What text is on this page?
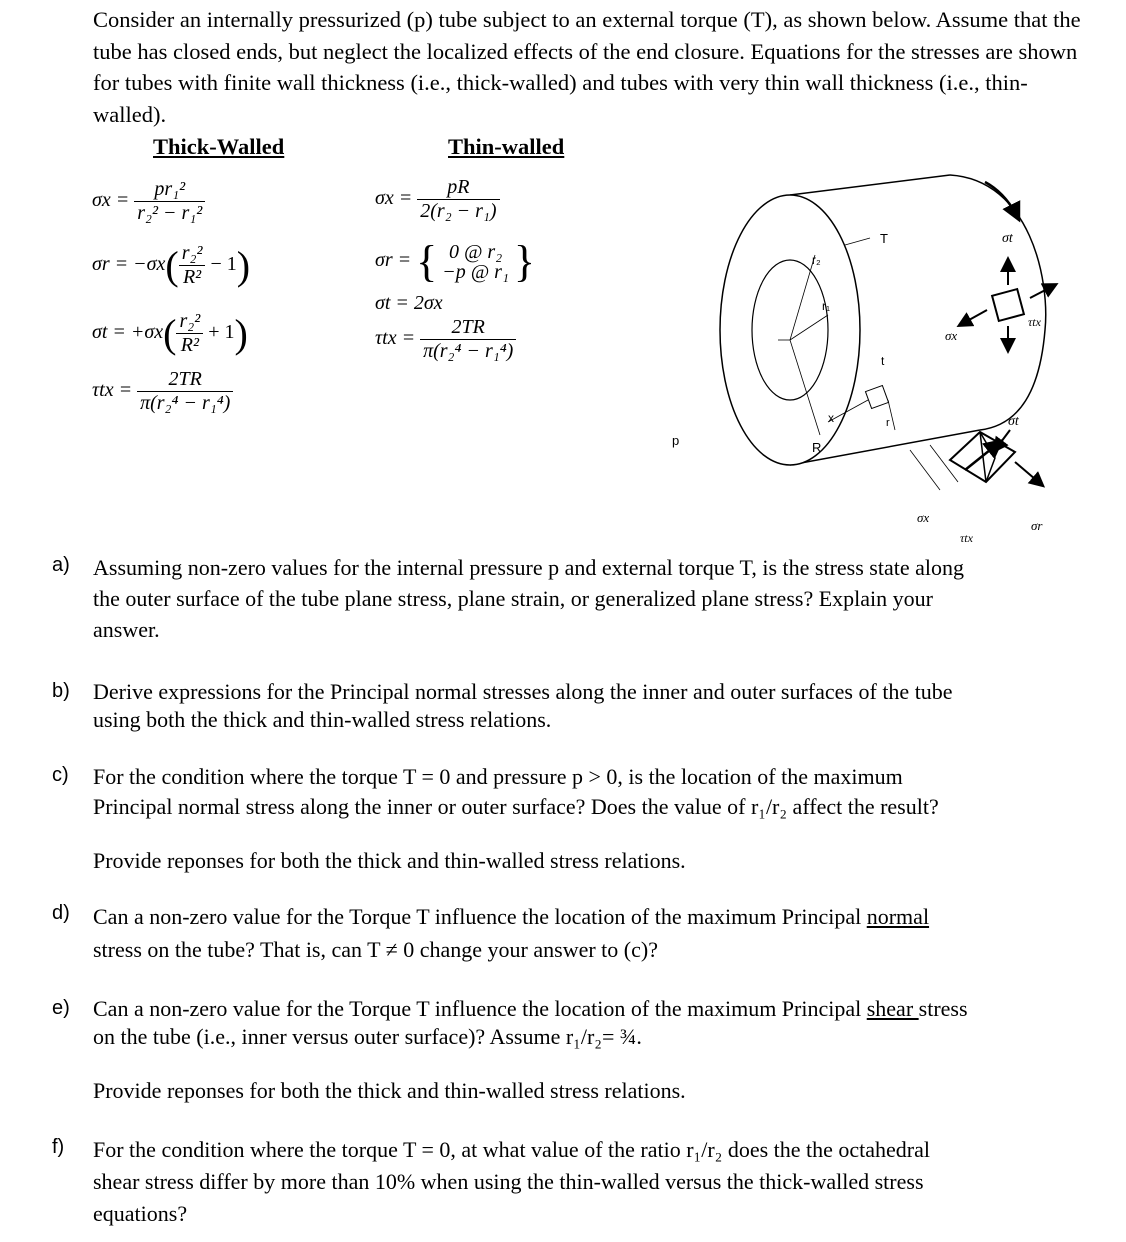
Consider an internally pressurized (p) tube subject to an external torque (T), as shown below. Assume that the tube has closed ends, but neglect the localized effects of the end closure. Equations for the stresses are shown for tubes with finite wall thickness (i.e., thick-walled) and tubes with very thin wall thickness (i.e., thin-walled).
Thick-Walled	Thin-walled
$\sigma x = \frac{\text{pr₁²}}{\text{r₂² − r₁²}}$
$\sigma r = -\sigma x( \frac{\text{r₂²}}{\text{R²}} - 1)$
$\sigma t = +\sigma x( \frac{\text{r₂²}}{\text{R²}} + 1)$
$\tau tx = \frac{2TR}{\text{π(r₂⁴ − r₁⁴)}}$
$\sigma x = \frac{pR}{\text{2(r₂ − r₁)}}$
σr = { 0 @ r₂
−p @ r₁ }
σt = 2σx
$\tau tx = \frac{2TR}{\text{π(r₂⁴ − r₁⁴)}}$
T
p
r₂
r₁
R
x
t
r
σt
σx
τtx
σt
σx
τtx
σr
a) Assuming non-zero values for the internal pressure p and external torque T, is the stress state along
the outer surface of the tube plane stress, plane strain, or generalized plane stress? Explain your
answer.
b) Derive expressions for the Principal normal stresses along the inner and outer surfaces of the tube
using both the thick and thin-walled stress relations.
c) For the condition where the torque T = 0 and pressure p > 0, is the location of the maximum
Principal normal stress along the inner or outer surface? Does the value of r₁/r₂ affect the result?
Provide reponses for both the thick and thin-walled stress relations.
d) Can a non-zero value for the Torque T influence the location of the maximum Principal normal
stress on the tube? That is, can T ≠ 0 change your answer to (c)?
e) Can a non-zero value for the Torque T influence the location of the maximum Principal shear stress
on the tube (i.e., inner versus outer surface)? Assume r₁/r₂= ¾.
Provide reponses for both the thick and thin-walled stress relations.
f) For the condition where the torque T = 0, at what value of the ratio r₁/r₂ does the the octahedral
shear stress differ by more than 10% when using the thin-walled versus the thick-walled stress
equations?
